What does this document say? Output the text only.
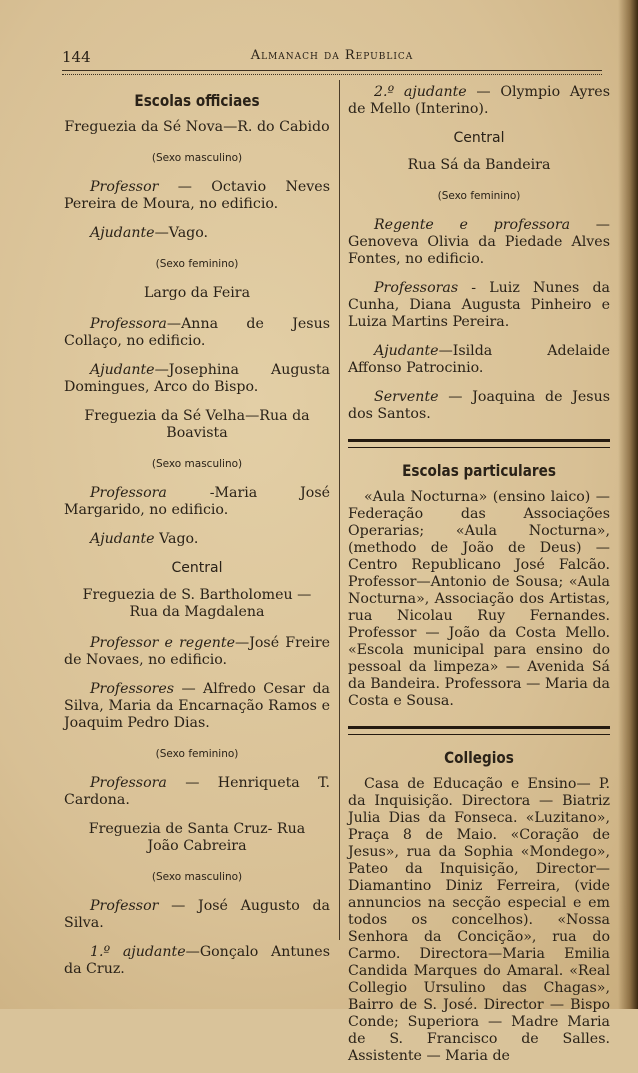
144	Almanach da Republica
Escolas officiaes
Freguezia da Sé Nova—R. do Cabido
(Sexo masculino)

Professor — Octavio Neves Pereira de Moura, no edificio.

Ajudante—Vago.

(Sexo feminino)
Largo da Feira

Professora—Anna de Jesus Collaço, no edificio.

Ajudante—Josephina Augusta Domingues, Arco do Bispo.

Freguezia da Sé Velha—Rua da Boavista
(Sexo masculino)

Professora -Maria José Margarido, no edificio.

Ajudante Vago.

Central
Freguezia de S. Bartholomeu — Rua da Magdalena

Professor e regente—José Freire de Novaes, no edificio.

Professores — Alfredo Cesar da Silva, Maria da Encarnação Ramos e Joaquim Pedro Dias.

(Sexo feminino)

Professora — Henriqueta T. Cardona.

Freguezia de Santa Cruz- Rua João Cabreira
(Sexo masculino)

Professor — José Augusto da Silva.

1.º ajudante—Gonçalo Antunes da Cruz.

2.º ajudante — Olympio Ayres de Mello (Interino).

Central
Rua Sá da Bandeira
(Sexo feminino)

Regente e professora — Genoveva Olivia da Piedade Alves Fontes, no edificio.

Professoras - Luiz Nunes da Cunha, Diana Augusta Pinheiro e Luiza Martins Pereira.

Ajudante—Isilda Adelaide Affonso Patrocinio.

Servente — Joaquina de Jesus dos Santos.

Escolas particulares

«Aula Nocturna» (ensino laico) — Federação das Associações Operarias; «Aula Nocturna», (methodo de João de Deus) — Centro Republicano José Falcão. Professor—Antonio de Sousa; «Aula Nocturna», Associação dos Artistas, rua Nicolau Ruy Fernandes. Professor — João da Costa Mello. «Escola municipal para ensino do pessoal da limpeza» — Avenida Sá da Bandeira. Professora — Maria da Costa e Sousa.

Collegios

Casa de Educação e Ensino— P. da Inquisição. Directora — Biatriz Julia Dias da Fonseca. «Luzitano», Praça 8 de Maio. «Coração de Jesus», rua da Sophia «Mondego», Pateo da Inquisição, Director—Diamantino Diniz Ferreira, (vide annuncios na secção especial e em todos os concelhos). «Nossa Senhora da Concição», rua do Carmo. Directora—Maria Emilia Candida Marques do Amaral. «Real Collegio Ursulino das Chagas», Bairro de S. José. Director — Bispo Conde; Superiora — Madre Maria de S. Francisco de Salles. Assistente — Maria de
